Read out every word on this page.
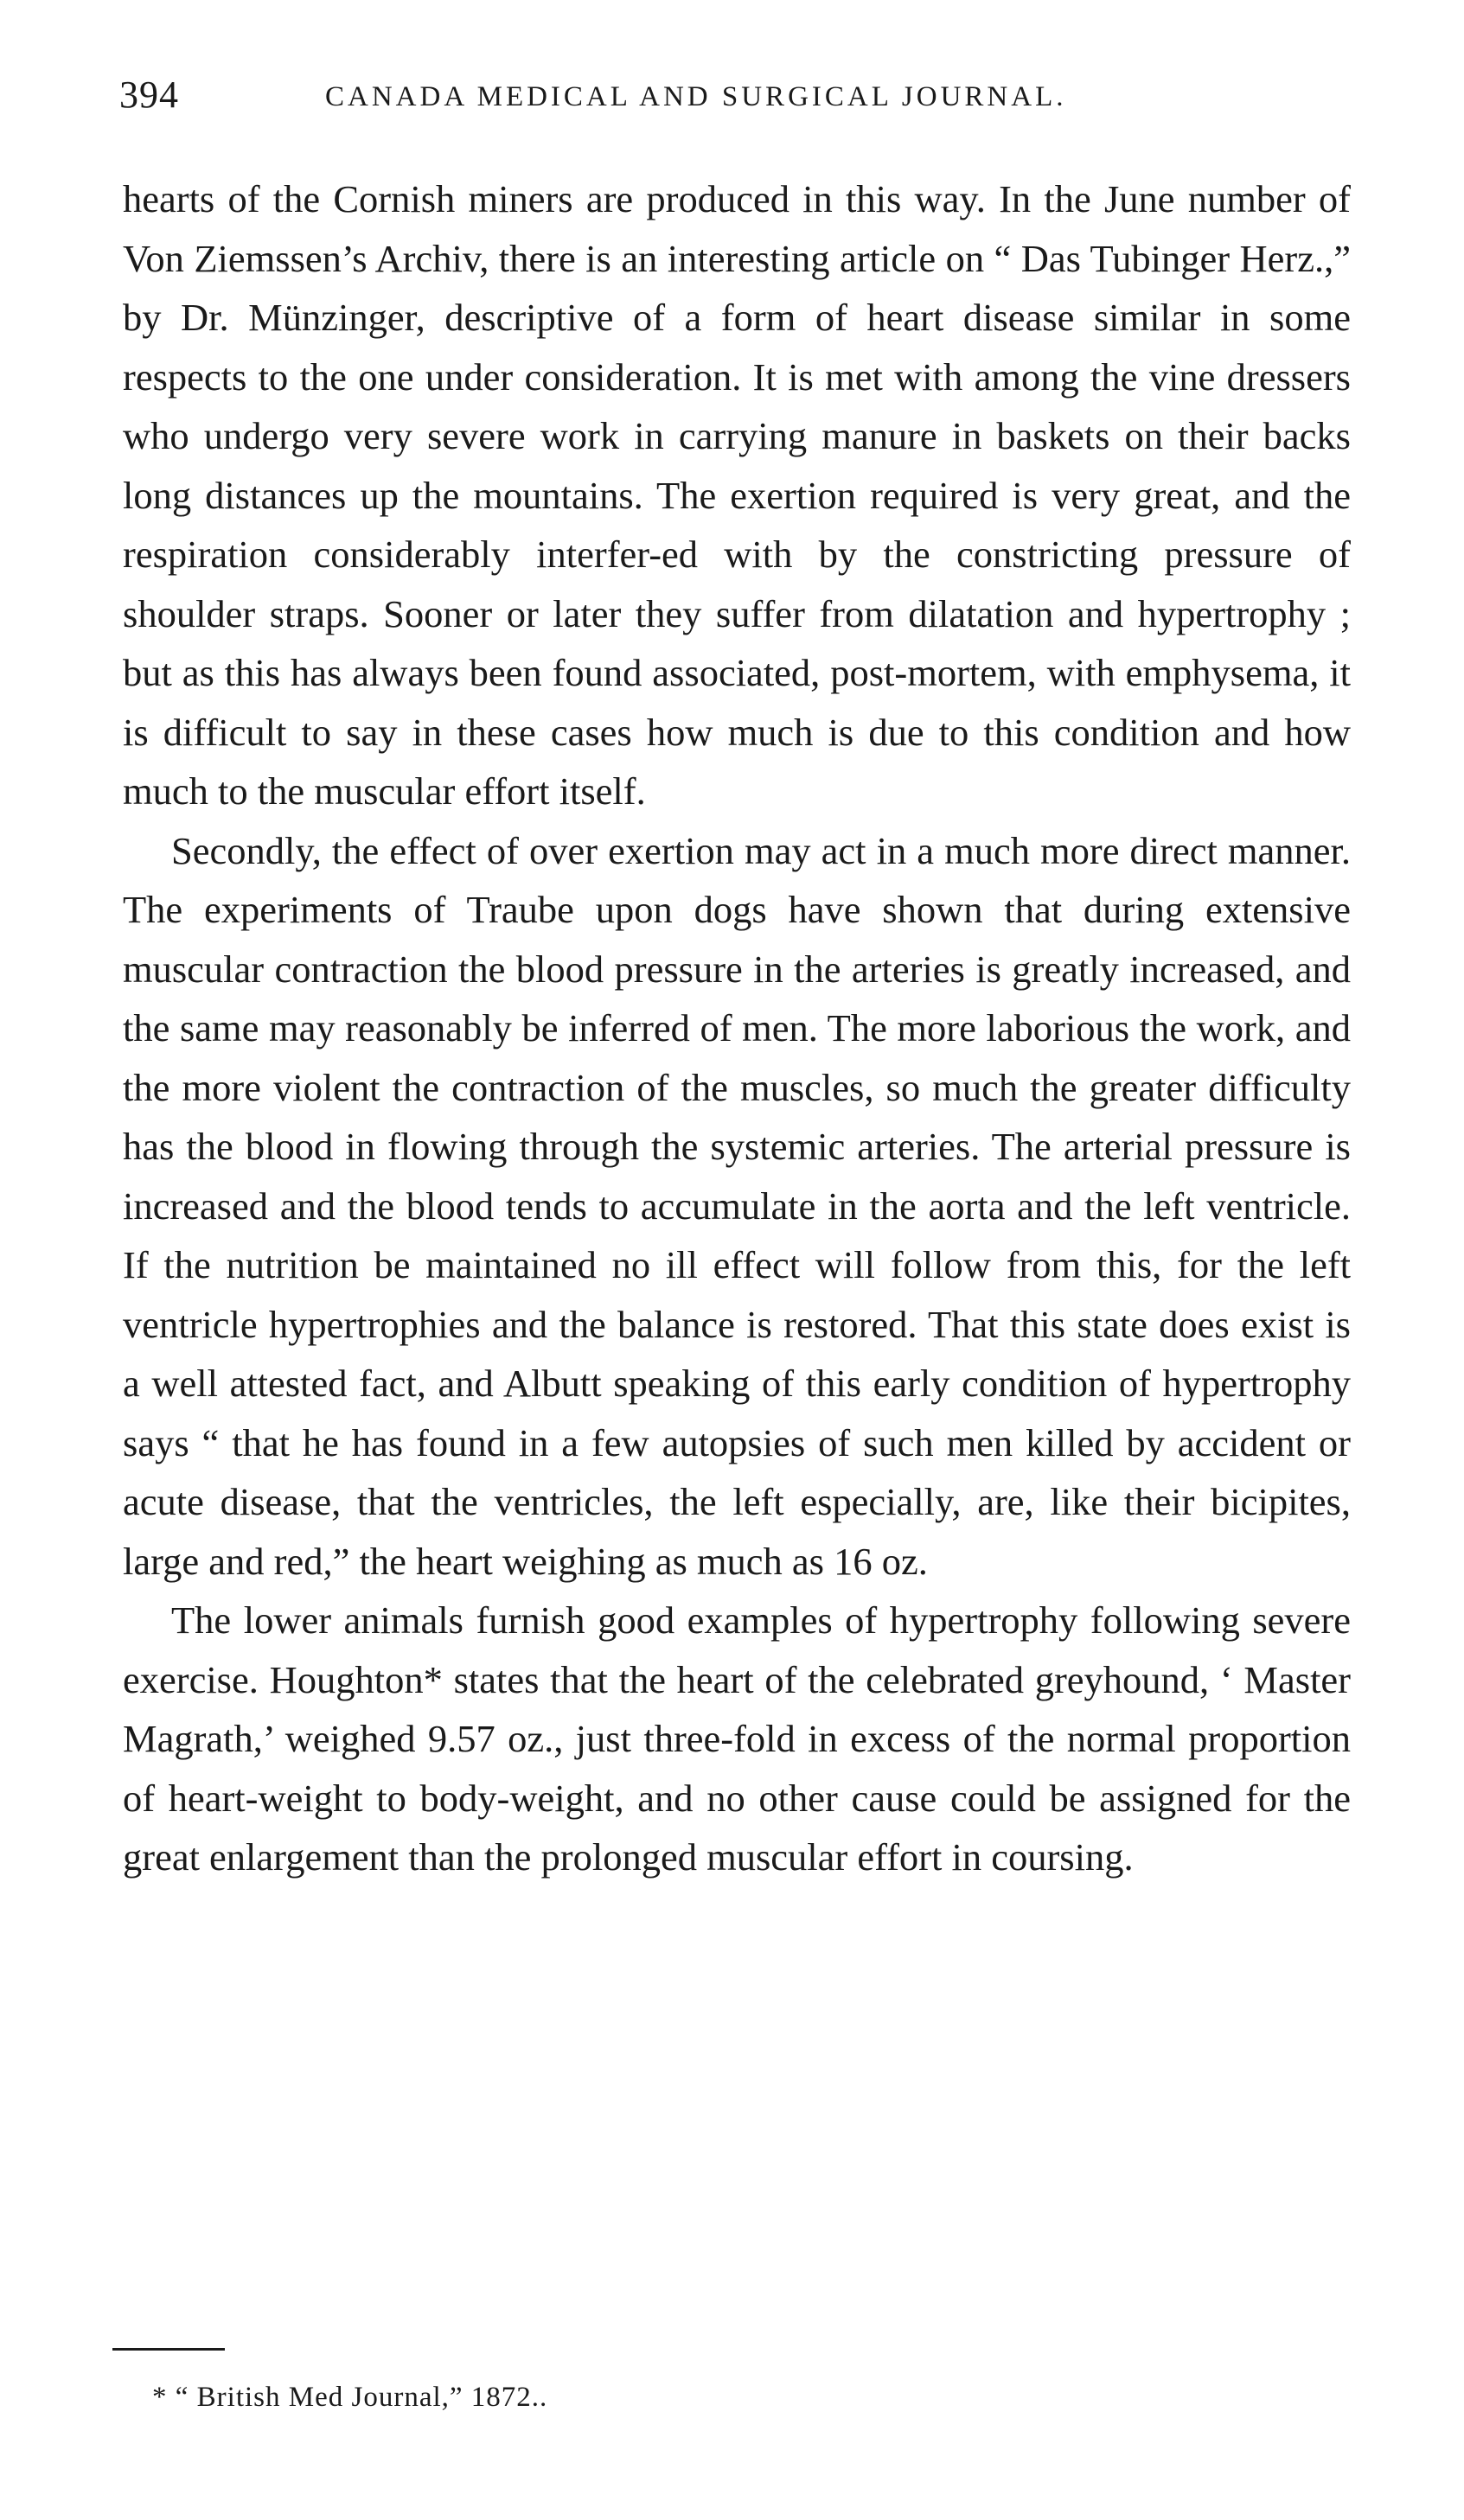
394	CANADA MEDICAL AND SURGICAL JOURNAL.

hearts of the Cornish miners are produced in this way. In the June number of Von Ziemssen’s Archiv, there is an interesting article on “ Das Tubinger Herz.,” by Dr. Münzinger, descriptive of a form of heart disease similar in some respects to the one under consideration. It is met with among the vine dressers who undergo very severe work in carrying manure in baskets on their backs long distances up the mountains. The exertion required is very great, and the respiration considerably interfer-ed with by the constricting pressure of shoulder straps. Sooner or later they suffer from dilatation and hypertrophy ; but as this has always been found associated, post-mortem, with emphysema, it is difficult to say in these cases how much is due to this condition and how much to the muscular effort itself.

Secondly, the effect of over exertion may act in a much more direct manner. The experiments of Traube upon dogs have shown that during extensive muscular contraction the blood pressure in the arteries is greatly increased, and the same may reasonably be inferred of men. The more laborious the work, and the more violent the contraction of the muscles, so much the greater difficulty has the blood in flowing through the systemic arteries. The arterial pressure is increased and the blood tends to accumulate in the aorta and the left ventricle. If the nutrition be maintained no ill effect will follow from this, for the left ventricle hypertrophies and the balance is restored. That this state does exist is a well attested fact, and Albutt speaking of this early condition of hypertrophy says “ that he has found in a few autopsies of such men killed by accident or acute disease, that the ventricles, the left especially, are, like their bicipites, large and red,” the heart weighing as much as 16 oz.

The lower animals furnish good examples of hypertrophy following severe exercise. Houghton* states that the heart of the celebrated greyhound, ‘ Master Magrath,’ weighed 9.57 oz., just three-fold in excess of the normal proportion of heart-weight to body-weight, and no other cause could be assigned for the great enlargement than the prolonged muscular effort in coursing.

* “ British Med Journal,” 1872..
